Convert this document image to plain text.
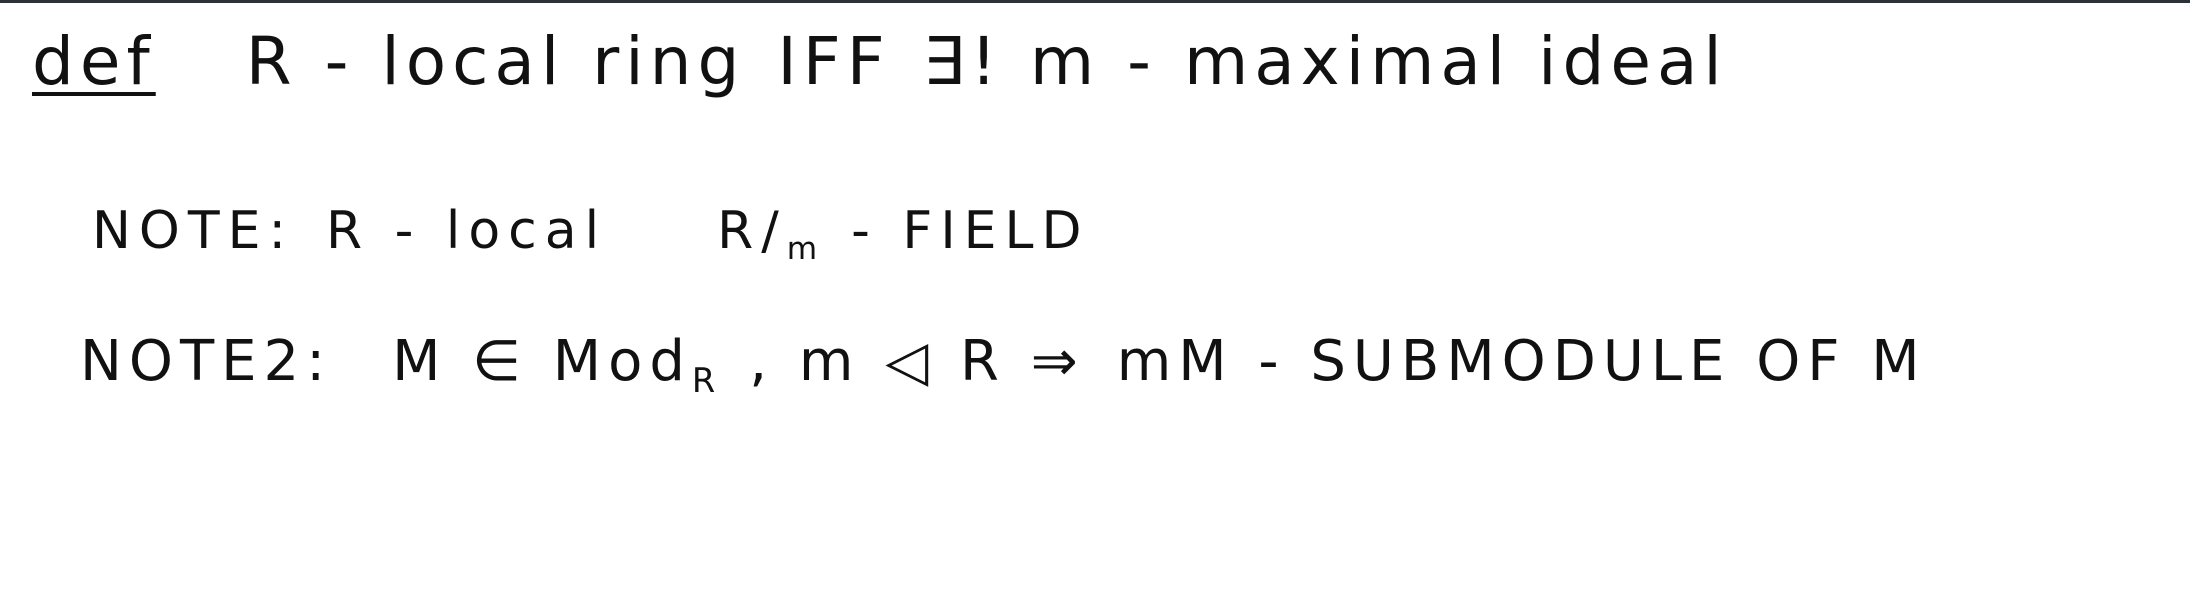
def R - local ring IFF ∃! m - maximal ideal
NOTE: R - local $R/_m$ - FIELD
NOTE2: M ∈ Mod$_R$ , m ◁ R ⇒ mM - SUBMODULE OF M
